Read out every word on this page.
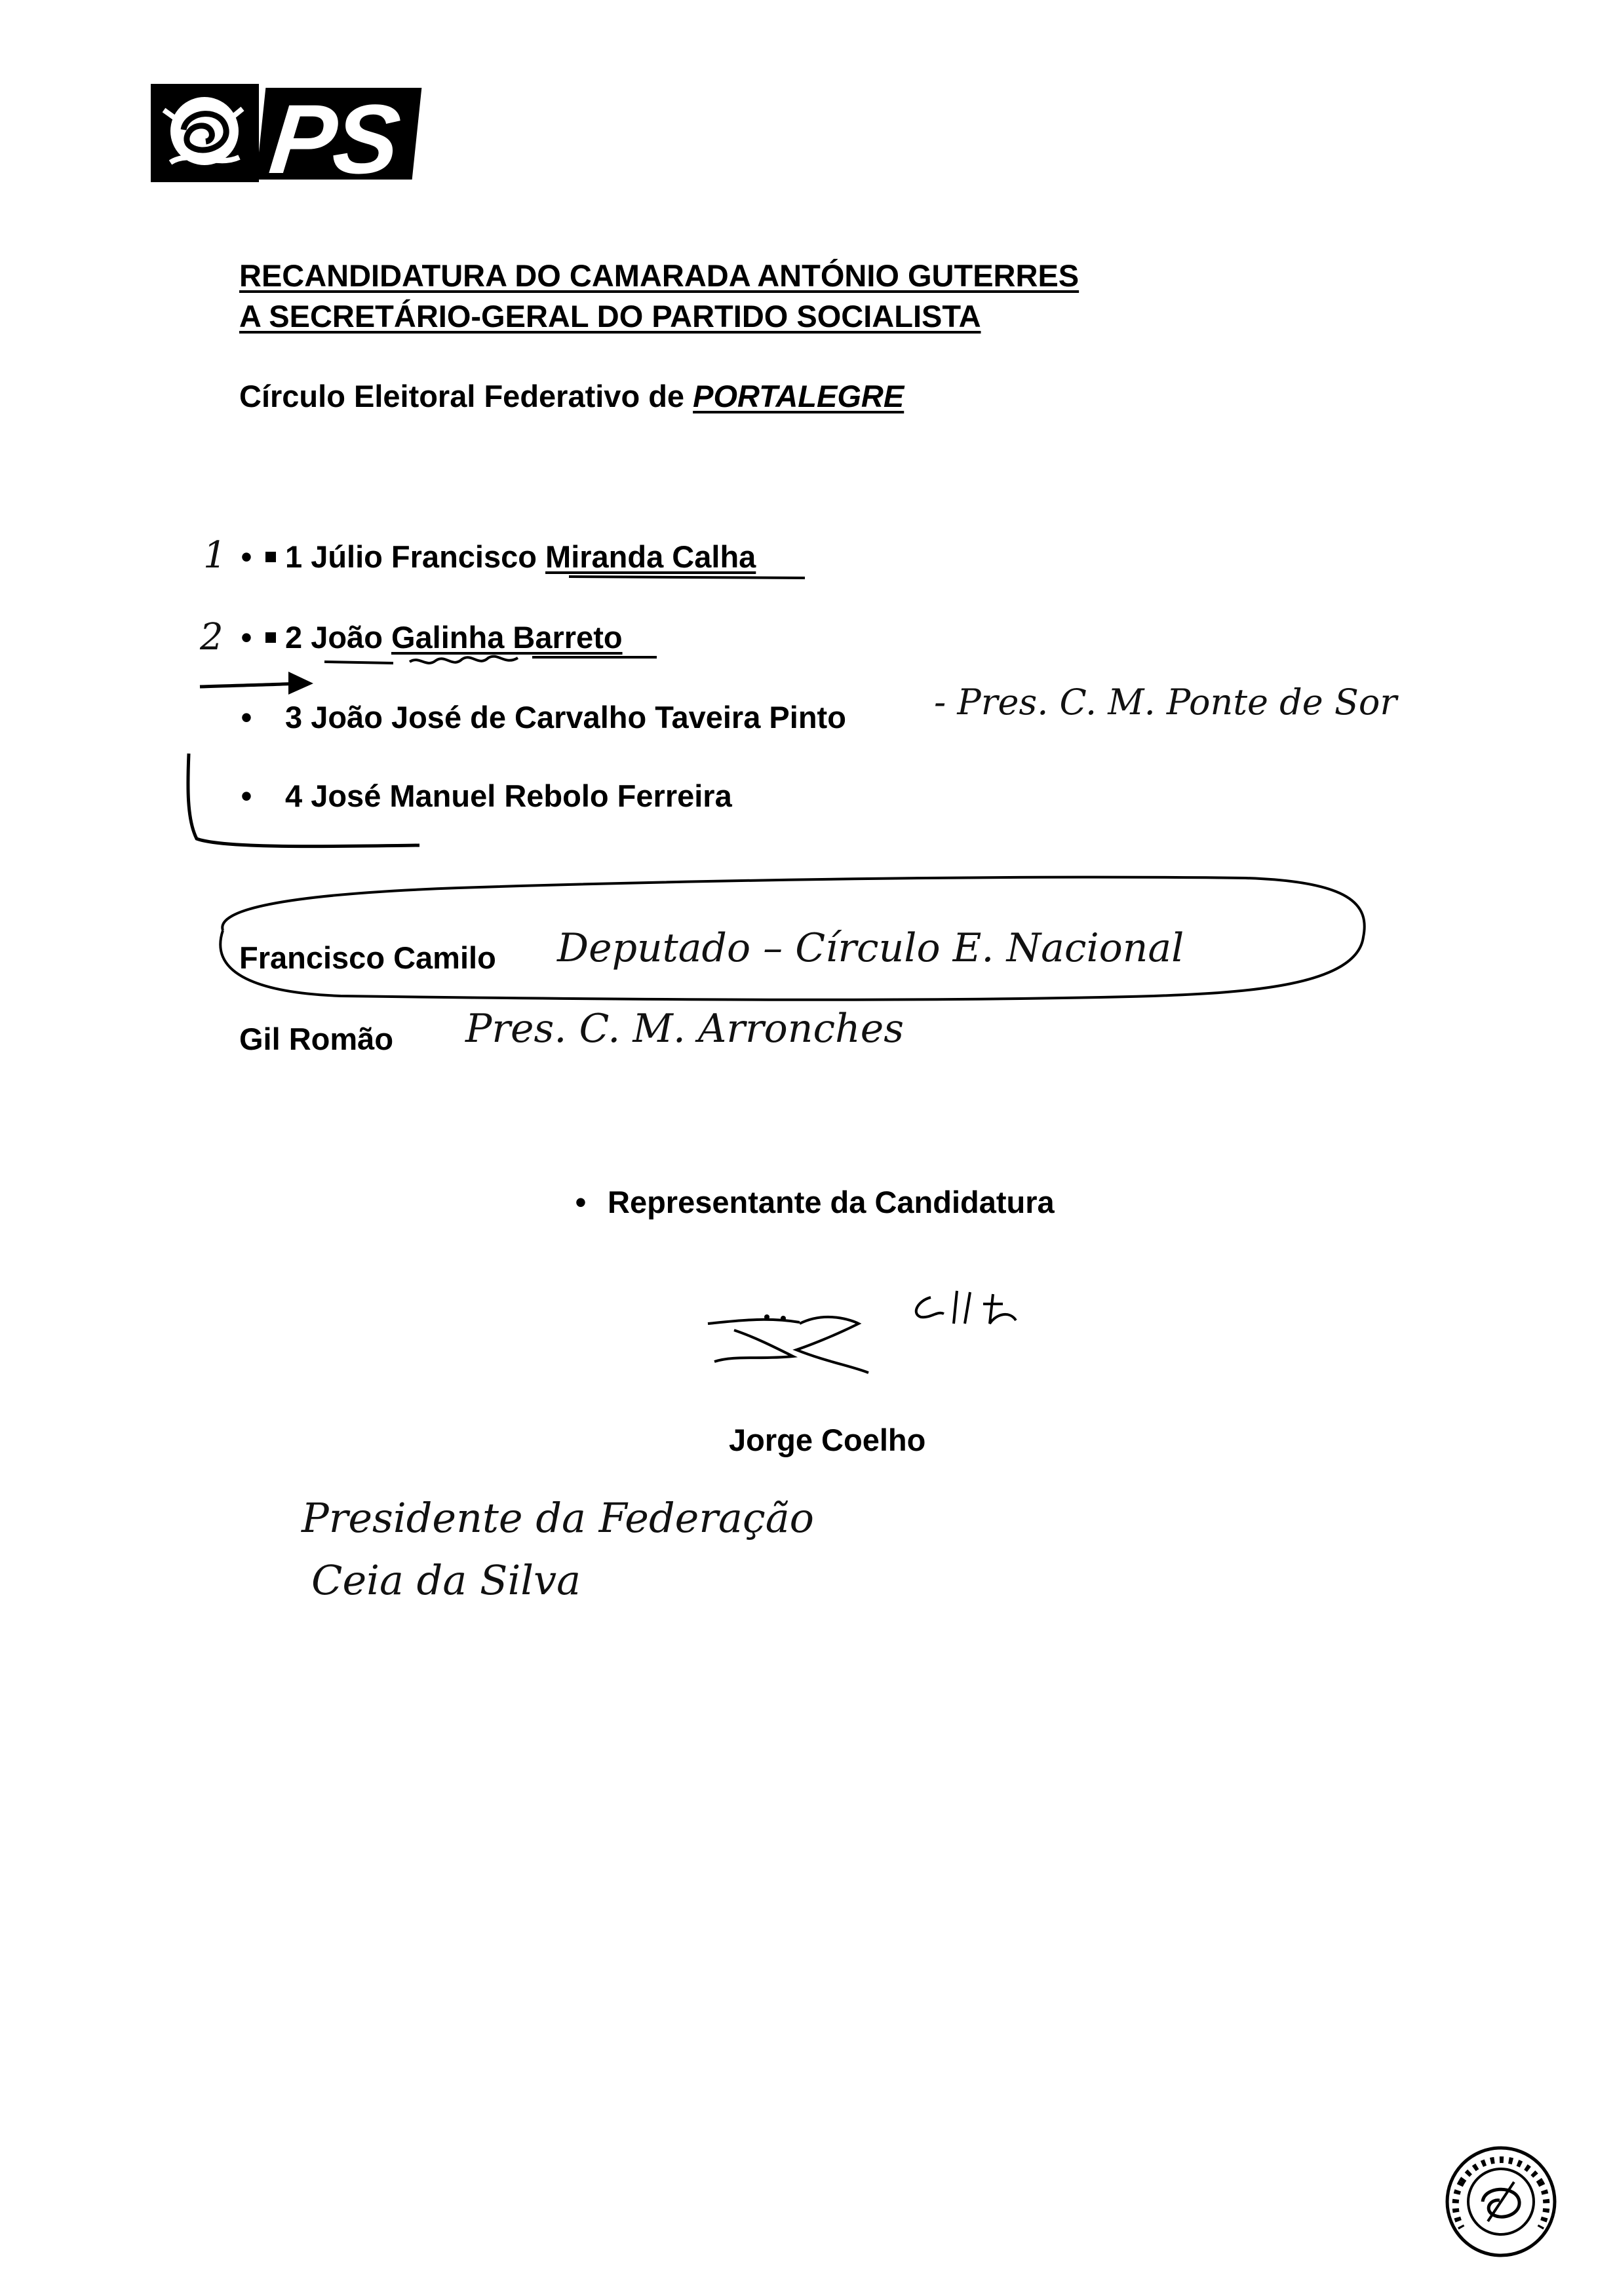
PS
RECANDIDATURA DO CAMARADA ANTÓNIO GUTERRES
A SECRETÁRIO-GERAL DO PARTIDO SOCIALISTA
Círculo Eleitoral Federativo de PORTALEGRE
1 • 1 Júlio Francisco Miranda Calha
2 • 2 João Galinha Barreto
• 3 João José de Carvalho Taveira Pinto - Pres. C. M. Ponte de Sor
• 4 José Manuel Rebolo Ferreira
Francisco Camilo Deputado – Círculo E. Nacional
Gil Romão Pres. C. M. Arronches
• Representante da Candidatura
Jorge Coelho
Presidente da Federação
Ceia da Silva
